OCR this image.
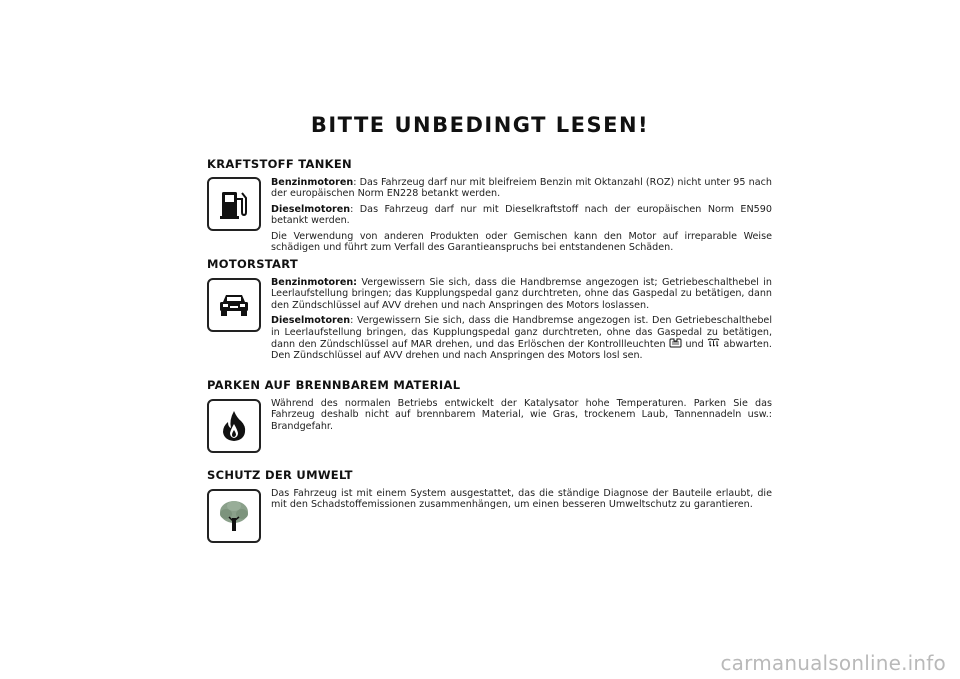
BITTE UNBEDINGT LESEN!
KRAFTSTOFF TANKEN

Benzinmotoren: Das Fahrzeug darf nur mit bleifreiem Benzin mit Oktanzahl (ROZ) nicht unter 95 nach der europäischen Norm EN228 betankt werden.

Dieselmotoren: Das Fahrzeug darf nur mit Dieselkraftstoff nach der europäischen Norm EN590 betankt werden.

Die Verwendung von anderen Produkten oder Gemischen kann den Motor auf irreparable Weise schädigen und führt zum Verfall des Garantieanspruchs bei entstandenen Schäden.

MOTORSTART

Benzinmotoren: Vergewissern Sie sich, dass die Handbremse angezogen ist; Getriebeschalthebel in Leerlaufstellung bringen; das Kupplungspedal ganz durchtreten, ohne das Gaspedal zu betätigen, dann den Zündschlüssel auf AVV drehen und nach Anspringen des Motors loslassen.

Dieselmotoren: Vergewissern Sie sich, dass die Handbremse angezogen ist. Den Getriebeschalthebel in Leerlaufstellung bringen, das Kupplungspedal ganz durchtreten, ohne das Gaspedal zu betätigen, dann den Zündschlüssel auf MAR drehen, und das Erlöschen der Kontrollleuchten und abwarten. Den Zündschlüssel auf AVV drehen und nach Anspringen des Motors losl sen.

PARKEN AUF BRENNBAREM MATERIAL

Während des normalen Betriebs entwickelt der Katalysator hohe Temperaturen. Parken Sie das Fahrzeug deshalb nicht auf brennbarem Material, wie Gras, trockenem Laub, Tannennadeln usw.: Brandgefahr.

SCHUTZ DER UMWELT

Das Fahrzeug ist mit einem System ausgestattet, das die ständige Diagnose der Bauteile erlaubt, die mit den Schadstoffemissionen zusammenhängen, um einen besseren Umweltschutz zu garantieren.

carmanualsonline.info
